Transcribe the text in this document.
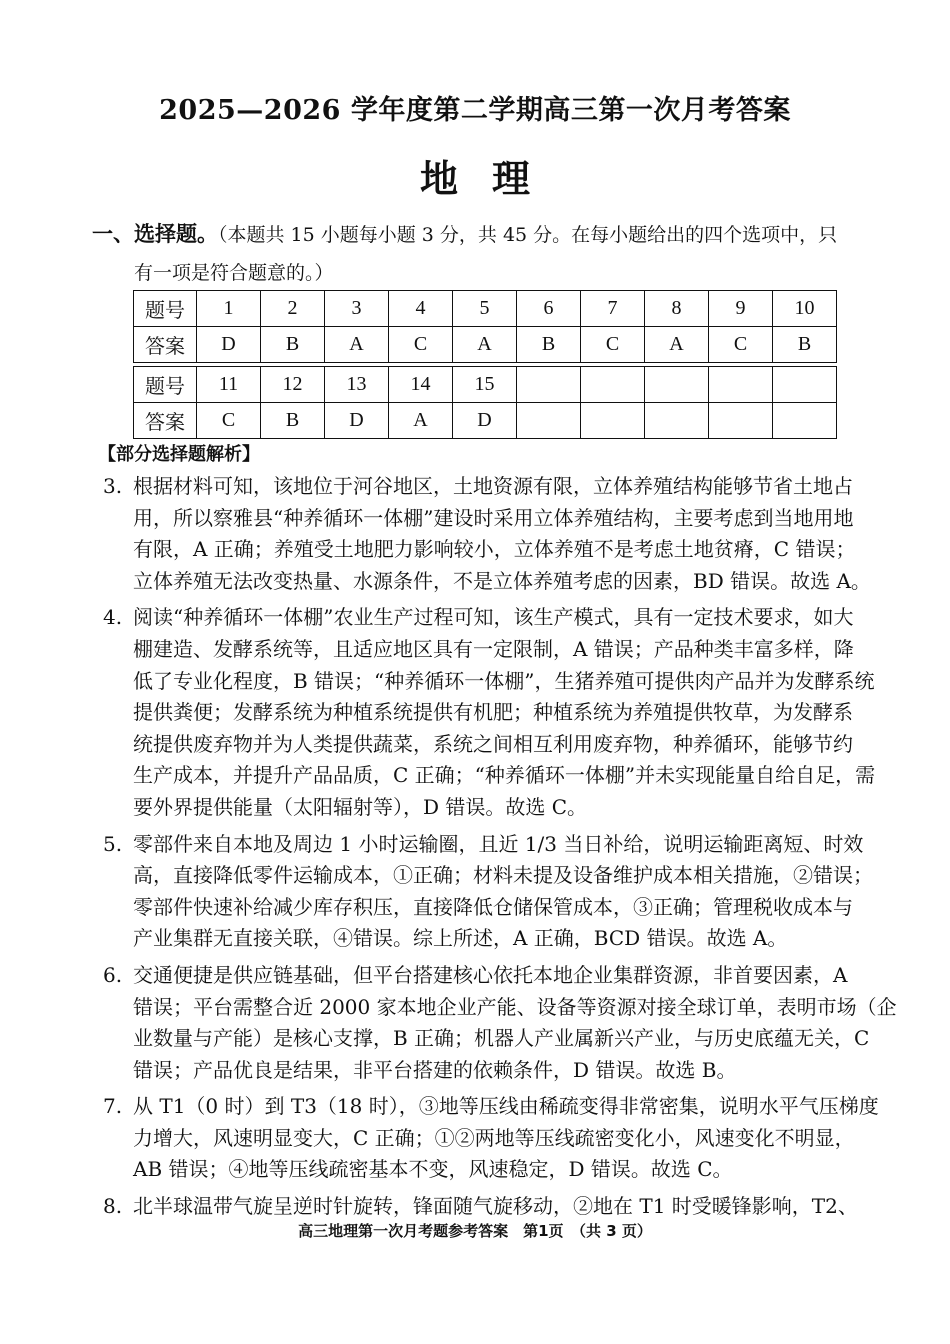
2025—2026 学年度第二学期高三第一次月考答案
地理
一、选择题。（本题共 15 小题每小题 3 分，共 45 分。在每小题给出的四个选项中，只
有一项是符合题意的。）
题号	1	2	3	4	5	6	7	8	9	10
答案	D	B	A	C	A	B	C	A	C	B
题号	11	12	13	14	15					
答案	C	B	D	A	D					
【部分选择题解析】
3. 根据材料可知，该地位于河谷地区，土地资源有限，立体养殖结构能够节省土地占
用，所以察雅县“种养循环一体棚”建设时采用立体养殖结构，主要考虑到当地用地
有限，A 正确；养殖受土地肥力影响较小，立体养殖不是考虑土地贫瘠，C 错误；
立体养殖无法改变热量、水源条件，不是立体养殖考虑的因素，BD 错误。故选 A。
4. 阅读“种养循环一体棚”农业生产过程可知，该生产模式，具有一定技术要求，如大
棚建造、发酵系统等，且适应地区具有一定限制，A 错误；产品种类丰富多样，降
低了专业化程度，B 错误；“种养循环一体棚”，生猪养殖可提供肉产品并为发酵系统
提供粪便；发酵系统为种植系统提供有机肥；种植系统为养殖提供牧草，为发酵系
统提供废弃物并为人类提供蔬菜，系统之间相互利用废弃物，种养循环，能够节约
生产成本，并提升产品品质，C 正确；“种养循环一体棚”并未实现能量自给自足，需
要外界提供能量（太阳辐射等），D 错误。故选 C。
5. 零部件来自本地及周边 1 小时运输圈，且近 1/3 当日补给，说明运输距离短、时效
高，直接降低零件运输成本，①正确；材料未提及设备维护成本相关措施，②错误；
零部件快速补给减少库存积压，直接降低仓储保管成本，③正确；管理税收成本与
产业集群无直接关联，④错误。综上所述，A 正确，BCD 错误。故选 A。
6. 交通便捷是供应链基础，但平台搭建核心依托本地企业集群资源，非首要因素，A
错误；平台需整合近 2000 家本地企业产能、设备等资源对接全球订单，表明市场（企
业数量与产能）是核心支撑，B 正确；机器人产业属新兴产业，与历史底蕴无关，C
错误；产品优良是结果，非平台搭建的依赖条件，D 错误。故选 B。
7. 从 T1（0 时）到 T3（18 时），③地等压线由稀疏变得非常密集，说明水平气压梯度
力增大，风速明显变大，C 正确；①②两地等压线疏密变化小，风速变化不明显，
AB 错误；④地等压线疏密基本不变，风速稳定，D 错误。故选 C。
8. 北半球温带气旋呈逆时针旋转，锋面随气旋移动，②地在 T1 时受暖锋影响，T2、
高三地理第一次月考题参考答案　第1页　（共 3 页）
